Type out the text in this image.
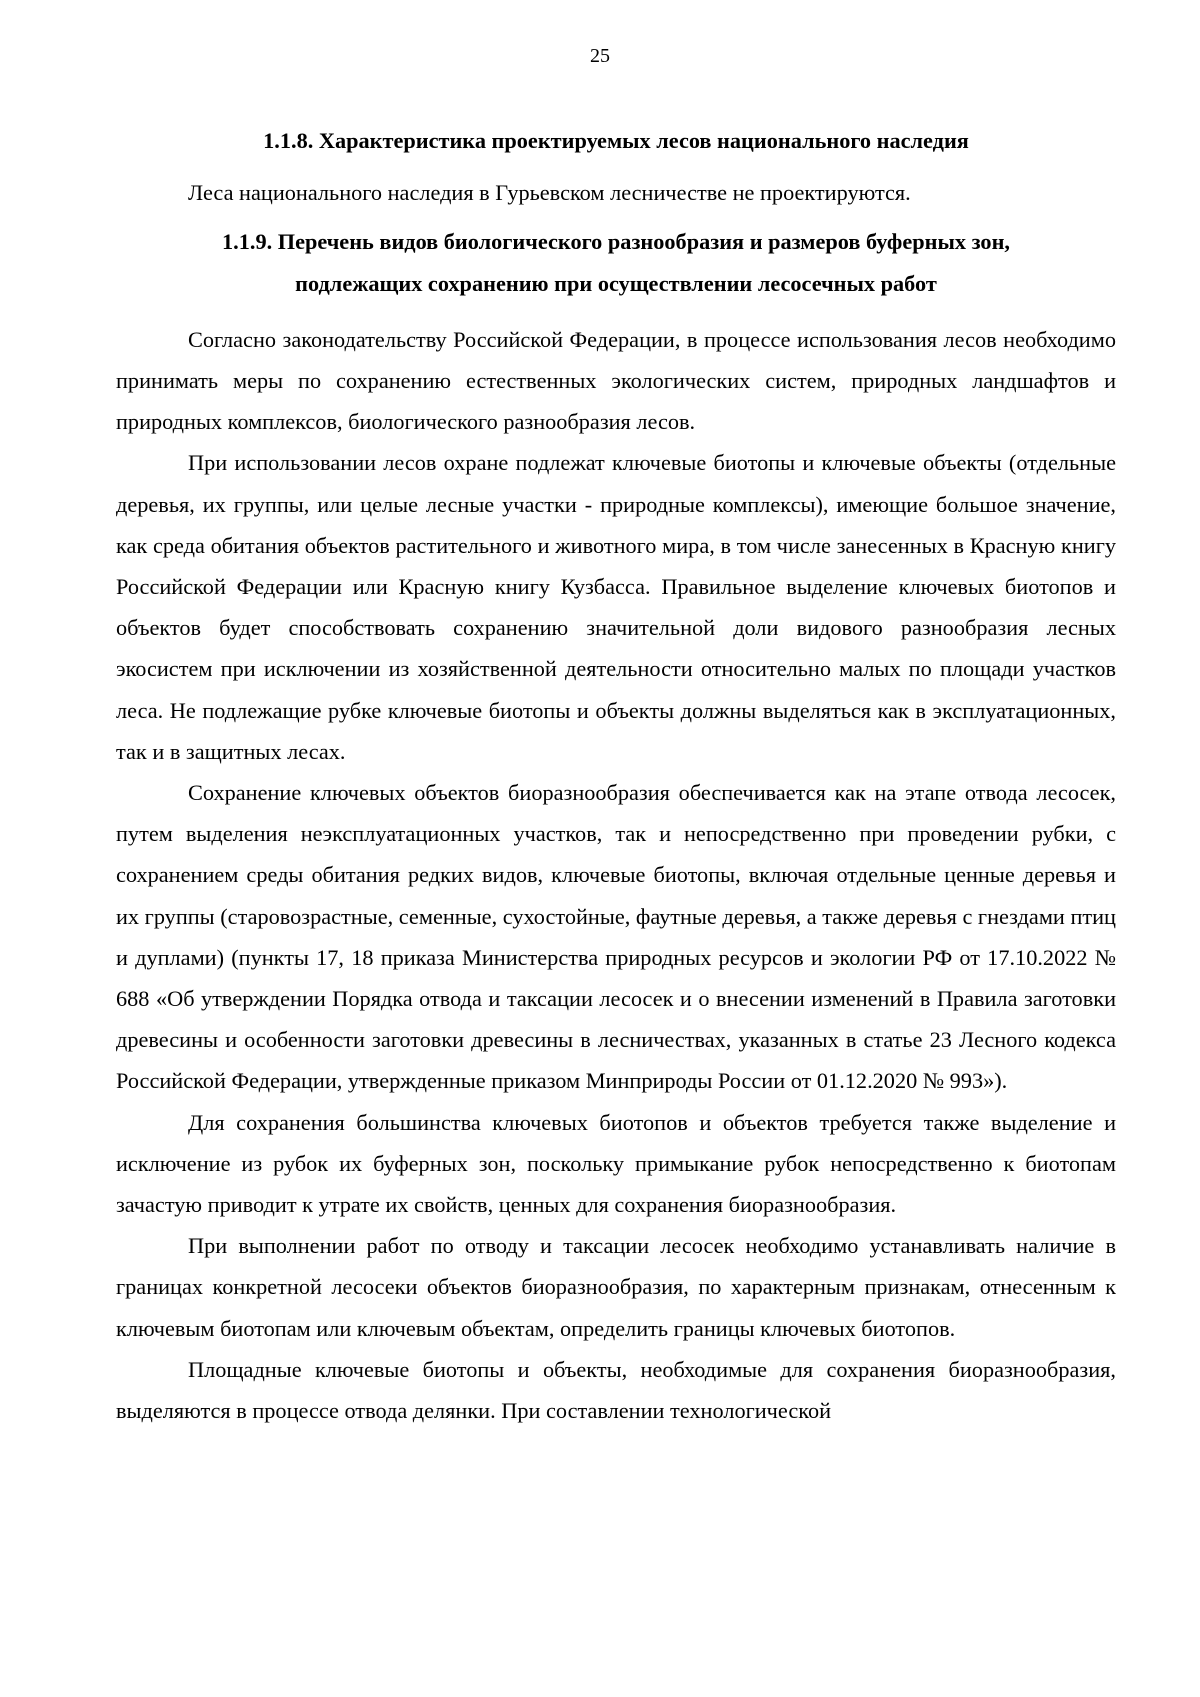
25

1.1.8. Характеристика проектируемых лесов национального наследия

Леса национального наследия в Гурьевском лесничестве не проектируются.

1.1.9. Перечень видов биологического разнообразия и размеров буферных зон,
подлежащих сохранению при осуществлении лесосечных работ

Согласно законодательству Российской Федерации, в процессе использования лесов необходимо принимать меры по сохранению естественных экологических систем, природных ландшафтов и природных комплексов, биологического разнообразия лесов.

При использовании лесов охране подлежат ключевые биотопы и ключевые объекты (отдельные деревья, их группы, или целые лесные участки - природные комплексы), имеющие большое значение, как среда обитания объектов растительного и животного мира, в том числе занесенных в Красную книгу Российской Федерации или Красную книгу Кузбасса. Правильное выделение ключевых биотопов и объектов будет способствовать сохранению значительной доли видового разнообразия лесных экосистем при исключении из хозяйственной деятельности относительно малых по площади участков леса. Не подлежащие рубке ключевые биотопы и объекты должны выделяться как в эксплуатационных, так и в защитных лесах.

Сохранение ключевых объектов биоразнообразия обеспечивается как на этапе отвода лесосек, путем выделения неэксплуатационных участков, так и непосредственно при проведении рубки, с сохранением среды обитания редких видов, ключевые биотопы, включая отдельные ценные деревья и их группы (старовозрастные, семенные, сухостойные, фаутные деревья, а также деревья с гнездами птиц и дуплами) (пункты 17, 18 приказа Министерства природных ресурсов и экологии РФ от 17.10.2022 № 688 «Об утверждении Порядка отвода и таксации лесосек и о внесении изменений в Правила заготовки древесины и особенности заготовки древесины в лесничествах, указанных в статье 23 Лесного кодекса Российской Федерации, утвержденные приказом Минприроды России от 01.12.2020 № 993»).

Для сохранения большинства ключевых биотопов и объектов требуется также выделение и исключение из рубок их буферных зон, поскольку примыкание рубок непосредственно к биотопам зачастую приводит к утрате их свойств, ценных для сохранения биоразнообразия.

При выполнении работ по отводу и таксации лесосек необходимо устанавливать наличие в границах конкретной лесосеки объектов биоразнообразия, по характерным признакам, отнесенным к ключевым биотопам или ключевым объектам, определить границы ключевых биотопов.

Площадные ключевые биотопы и объекты, необходимые для сохранения биоразнообразия, выделяются в процессе отвода делянки. При составлении технологической
